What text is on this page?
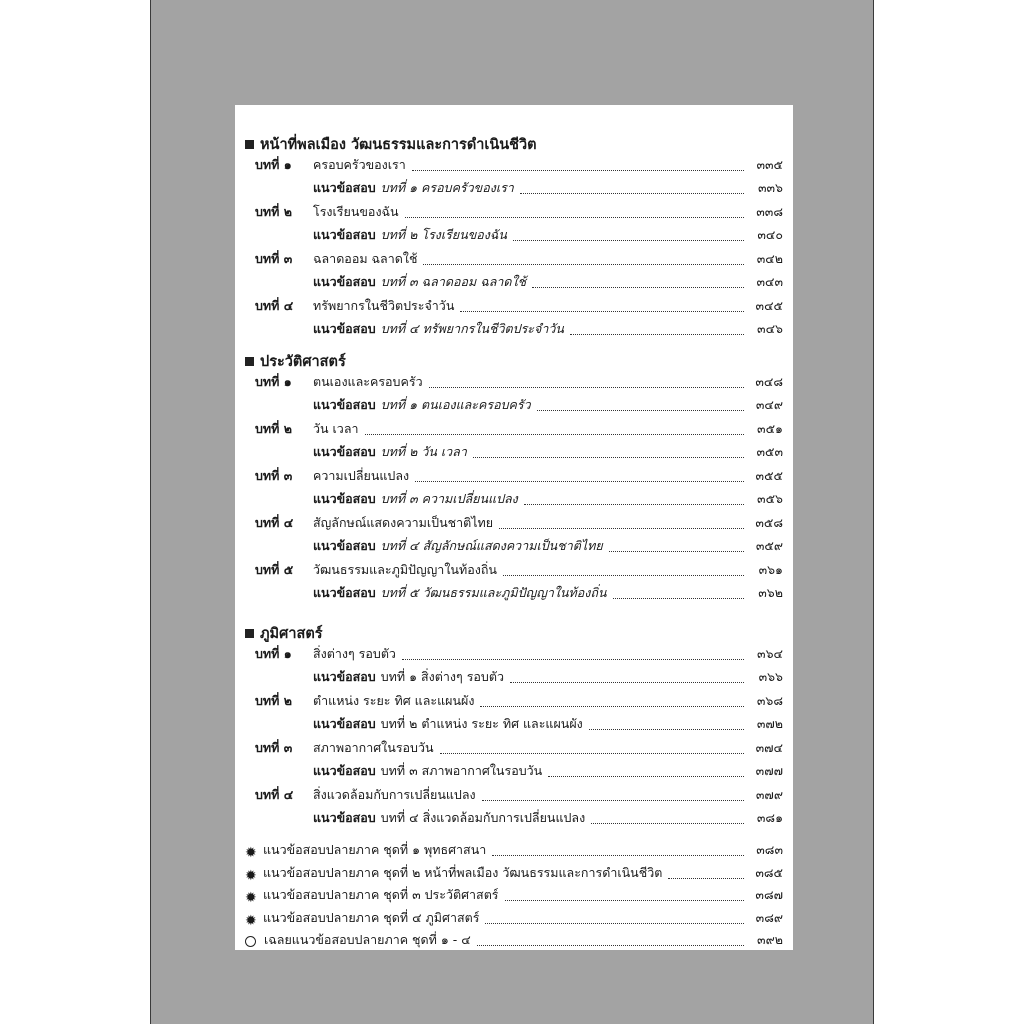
หน้าที่พลเมือง วัฒนธรรมและการดำเนินชีวิต
บทที่ ๑	ครอบครัวของเรา	๓๓๕
แนวข้อสอบ บทที่ ๑ ครอบครัวของเรา	๓๓๖
บทที่ ๒	โรงเรียนของฉัน	๓๓๘
แนวข้อสอบ บทที่ ๒ โรงเรียนของฉัน	๓๔๐
บทที่ ๓	ฉลาดออม ฉลาดใช้	๓๔๒
แนวข้อสอบ บทที่ ๓ ฉลาดออม ฉลาดใช้	๓๔๓
บทที่ ๔	ทรัพยากรในชีวิตประจำวัน	๓๔๕
แนวข้อสอบ บทที่ ๔ ทรัพยากรในชีวิตประจำวัน	๓๔๖
ประวัติศาสตร์
บทที่ ๑	ตนเองและครอบครัว	๓๔๘
แนวข้อสอบ บทที่ ๑ ตนเองและครอบครัว	๓๔๙
บทที่ ๒	วัน เวลา	๓๕๑
แนวข้อสอบ บทที่ ๒ วัน เวลา	๓๕๓
บทที่ ๓	ความเปลี่ยนแปลง	๓๕๕
แนวข้อสอบ บทที่ ๓ ความเปลี่ยนแปลง	๓๕๖
บทที่ ๔	สัญลักษณ์แสดงความเป็นชาติไทย	๓๕๘
แนวข้อสอบ บทที่ ๔ สัญลักษณ์แสดงความเป็นชาติไทย	๓๕๙
บทที่ ๕	วัฒนธรรมและภูมิปัญญาในท้องถิ่น	๓๖๑
แนวข้อสอบ บทที่ ๕ วัฒนธรรมและภูมิปัญญาในท้องถิ่น	๓๖๒
ภูมิศาสตร์
บทที่ ๑	สิ่งต่างๆ รอบตัว	๓๖๔
แนวข้อสอบ บทที่ ๑ สิ่งต่างๆ รอบตัว	๓๖๖
บทที่ ๒	ตำแหน่ง ระยะ ทิศ และแผนผัง	๓๖๘
แนวข้อสอบ บทที่ ๒ ตำแหน่ง ระยะ ทิศ และแผนผัง	๓๗๒
บทที่ ๓	สภาพอากาศในรอบวัน	๓๗๔
แนวข้อสอบ บทที่ ๓ สภาพอากาศในรอบวัน	๓๗๗
บทที่ ๔	สิ่งแวดล้อมกับการเปลี่ยนแปลง	๓๗๙
แนวข้อสอบ บทที่ ๔ สิ่งแวดล้อมกับการเปลี่ยนแปลง	๓๘๑
✹ แนวข้อสอบปลายภาค ชุดที่ ๑ พุทธศาสนา	๓๘๓
✹ แนวข้อสอบปลายภาค ชุดที่ ๒ หน้าที่พลเมือง วัฒนธรรมและการดำเนินชีวิต	๓๘๕
✹ แนวข้อสอบปลายภาค ชุดที่ ๓ ประวัติศาสตร์	๓๘๗
✹ แนวข้อสอบปลายภาค ชุดที่ ๔ ภูมิศาสตร์	๓๘๙
เฉลยแนวข้อสอบปลายภาค ชุดที่ ๑ - ๔	๓๙๒
